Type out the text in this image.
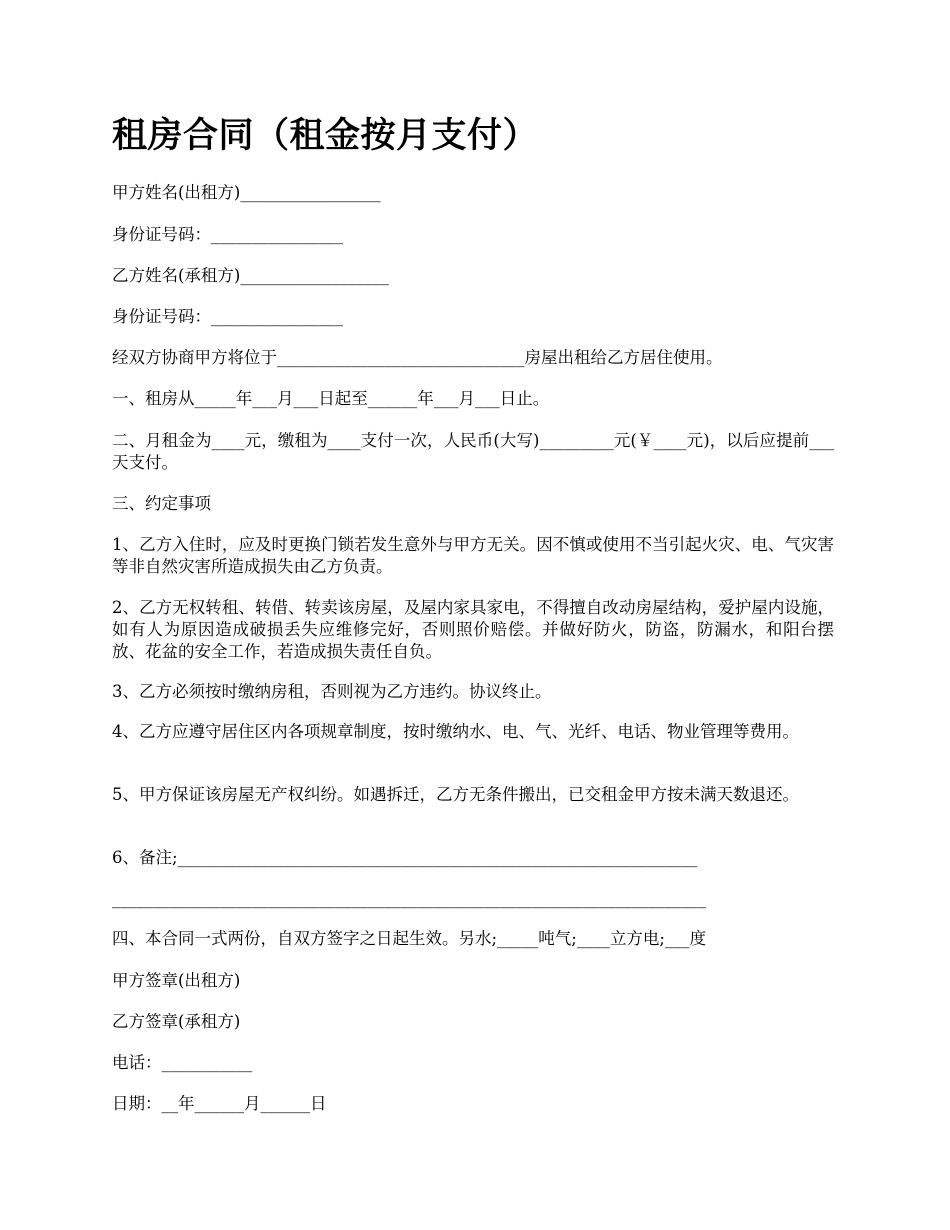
租房合同（租金按月支付）

甲方姓名(出租方)_________________

身份证号码：________________

乙方姓名(承租方)__________________

身份证号码：________________

经双方协商甲方将位于______________________________房屋出租给乙方居住使用。

一、租房从_____年___月___日起至______年___月___日止。

二、月租金为____元，缴租为____支付一次，人民币(大写)_________元(￥____元)，以后应提前___天支付。

三、约定事项

1、乙方入住时，应及时更换门锁若发生意外与甲方无关。因不慎或使用不当引起火灾、电、气灾害等非自然灾害所造成损失由乙方负责。

2、乙方无权转租、转借、转卖该房屋，及屋内家具家电，不得擅自改动房屋结构，爱护屋内设施，如有人为原因造成破损丢失应维修完好，否则照价赔偿。并做好防火，防盗，防漏水，和阳台摆放、花盆的安全工作，若造成损失责任自负。

3、乙方必须按时缴纳房租，否则视为乙方违约。协议终止。

4、乙方应遵守居住区内各项规章制度，按时缴纳水、电、气、光纤、电话、物业管理等费用。

5、甲方保证该房屋无产权纠纷。如遇拆迁，乙方无条件搬出，已交租金甲方按未满天数退还。

6、备注;_______________________________________________________________

________________________________________________________________________

四、本合同一式两份，自双方签字之日起生效。另水;_____吨气;____立方电;___度

甲方签章(出租方)

乙方签章(承租方)

电话：___________

日期：__年______月______日
